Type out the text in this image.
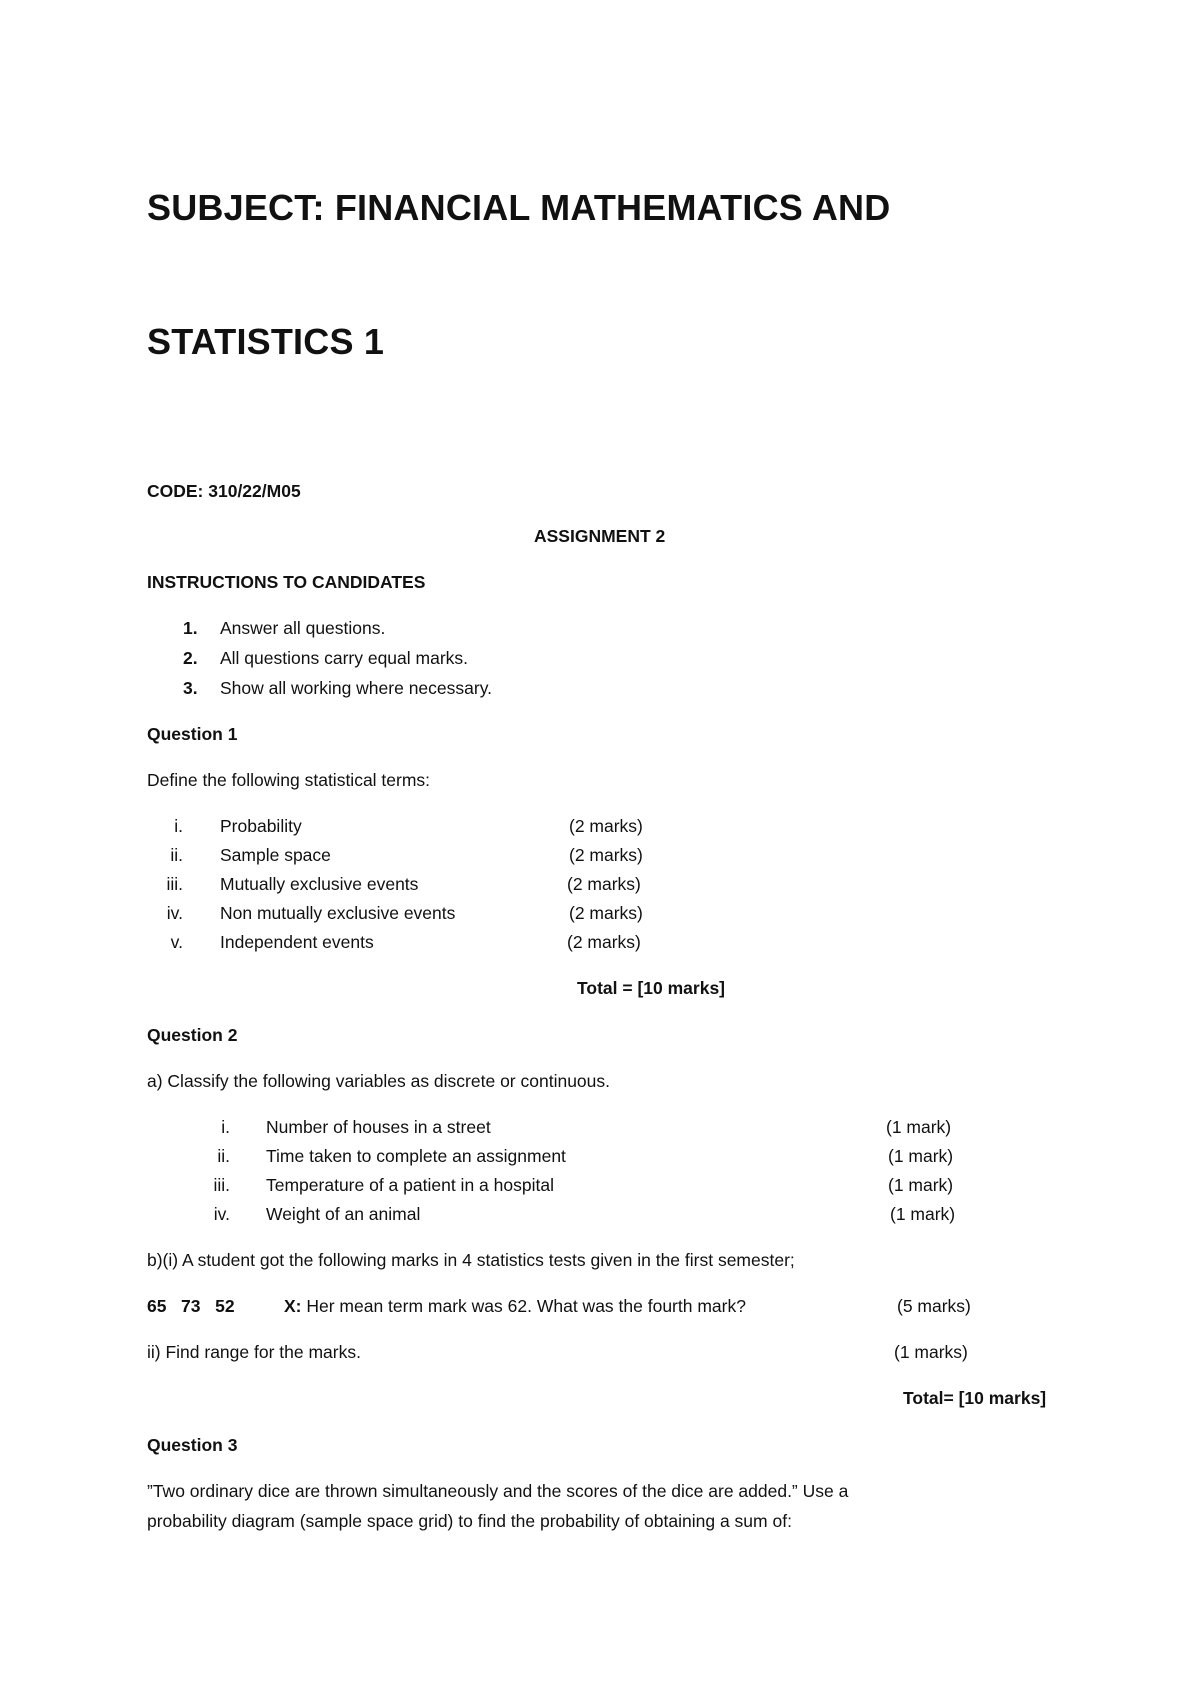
SUBJECT: FINANCIAL MATHEMATICS AND
STATISTICS 1
CODE: 310/22/M05
ASSIGNMENT 2
INSTRUCTIONS TO CANDIDATES
1. Answer all questions.
2. All questions carry equal marks.
3. Show all working where necessary.
Question 1
Define the following statistical terms:
i. Probability	(2 marks)
ii. Sample space	(2 marks)
iii. Mutually exclusive events	(2 marks)
iv. Non mutually exclusive events	(2 marks)
v. Independent events	(2 marks)
Total = [10 marks]
Question 2
a) Classify the following variables as discrete or continuous.
i. Number of houses in a street	(1 mark)
ii. Time taken to complete an assignment	(1 mark)
iii. Temperature of a patient in a hospital	(1 mark)
iv. Weight of an animal	(1 mark)
b)(i) A student got the following marks in 4 statistics tests given in the first semester;
65   73   52	X: Her mean term mark was 62. What was the fourth mark?	(5 marks)
ii) Find range for the marks.	(1 marks)
Total= [10 marks]
Question 3
”Two ordinary dice are thrown simultaneously and the scores of the dice are added.” Use a
probability diagram (sample space grid) to find the probability of obtaining a sum of:
